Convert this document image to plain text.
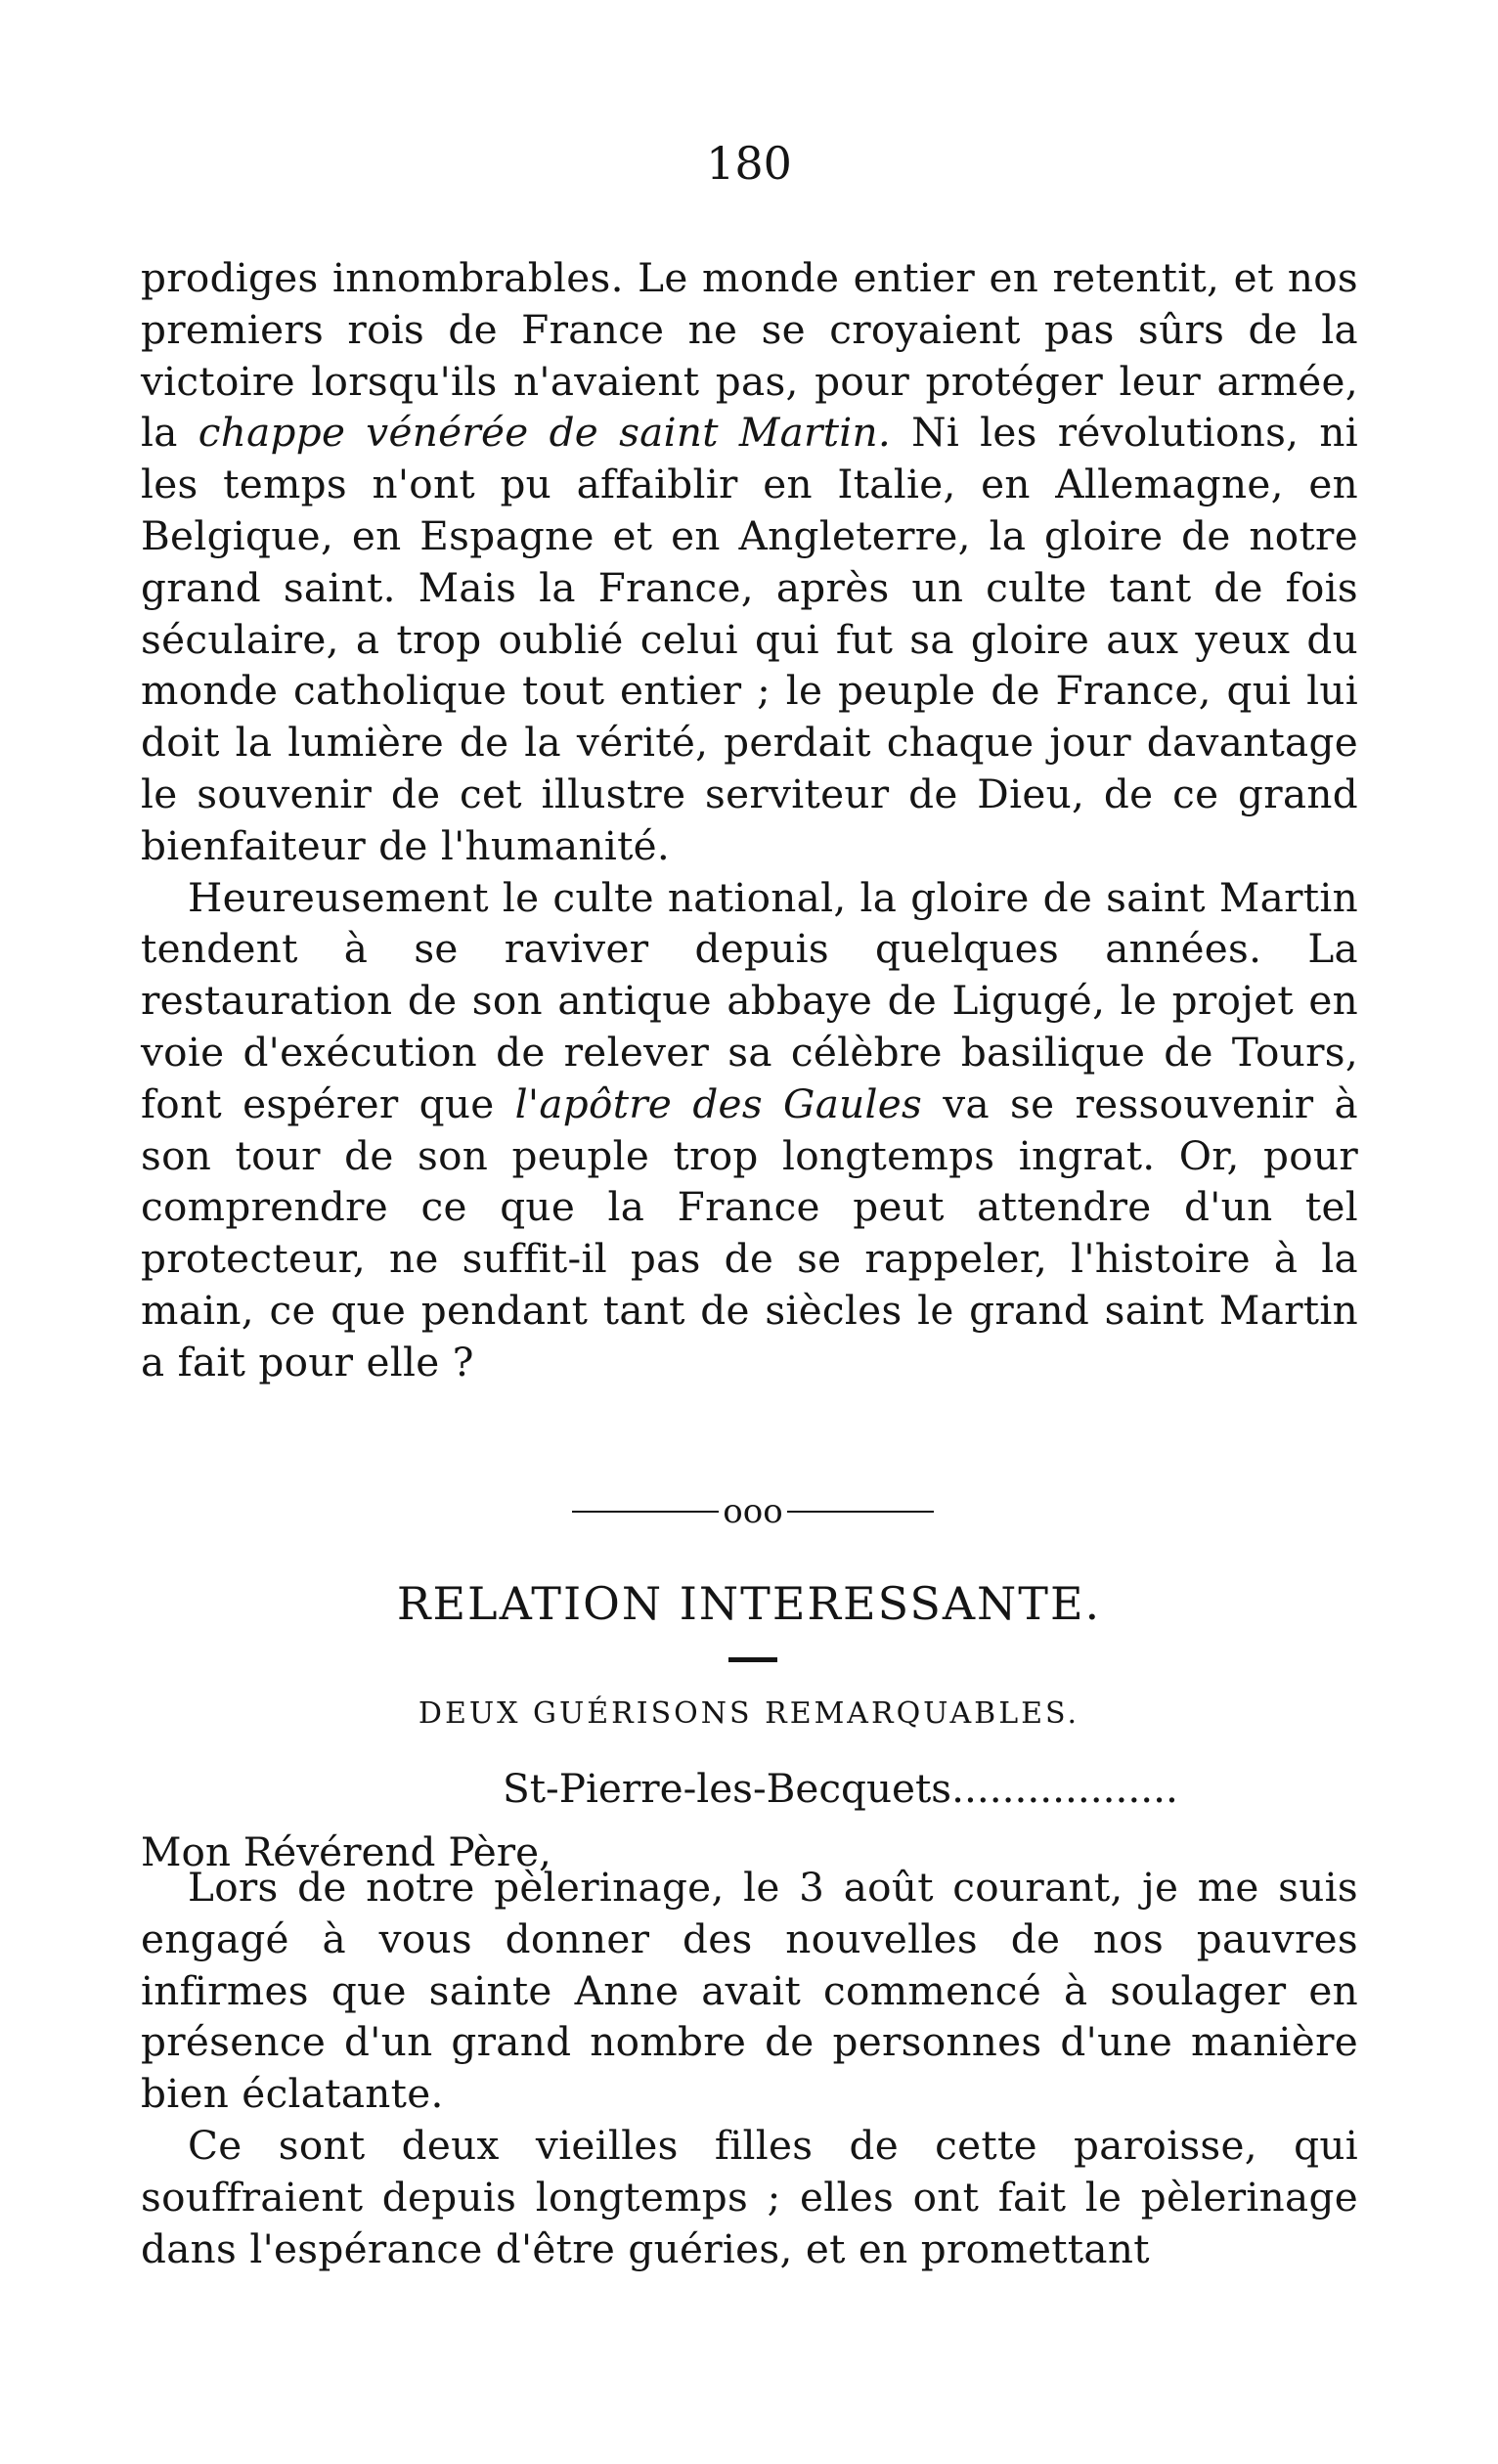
180

prodiges innombrables. Le monde entier en retentit, et nos premiers rois de France ne se croyaient pas sûrs de la victoire lorsqu'ils n'avaient pas, pour protéger leur armée, la chappe vénérée de saint Martin. Ni les révolutions, ni les temps n'ont pu affaiblir en Italie, en Allemagne, en Belgique, en Espagne et en Angleterre, la gloire de notre grand saint. Mais la France, après un culte tant de fois séculaire, a trop oublié celui qui fut sa gloire aux yeux du monde catholique tout entier ; le peuple de France, qui lui doit la lumière de la vérité, perdait chaque jour davantage le souvenir de cet illustre serviteur de Dieu, de ce grand bienfaiteur de l'humanité.

Heureusement le culte national, la gloire de saint Martin tendent à se raviver depuis quelques années. La restauration de son antique abbaye de Ligugé, le projet en voie d'exécution de relever sa célèbre basilique de Tours, font espérer que l'apôtre des Gaules va se ressouvenir à son tour de son peuple trop longtemps ingrat. Or, pour comprendre ce que la France peut attendre d'un tel protecteur, ne suffit-il pas de se rappeler, l'histoire à la main, ce que pendant tant de siècles le grand saint Martin a fait pour elle ?

ooo
RELATION INTERESSANTE.
DEUX GUÉRISONS REMARQUABLES.
St-Pierre-les-Becquets..................
Mon Révérend Père,

Lors de notre pèlerinage, le 3 août courant, je me suis engagé à vous donner des nouvelles de nos pauvres infirmes que sainte Anne avait commencé à soulager en présence d'un grand nombre de personnes d'une manière bien éclatante.

Ce sont deux vieilles filles de cette paroisse, qui souffraient depuis longtemps ; elles ont fait le pèlerinage dans l'espérance d'être guéries, et en promettant
